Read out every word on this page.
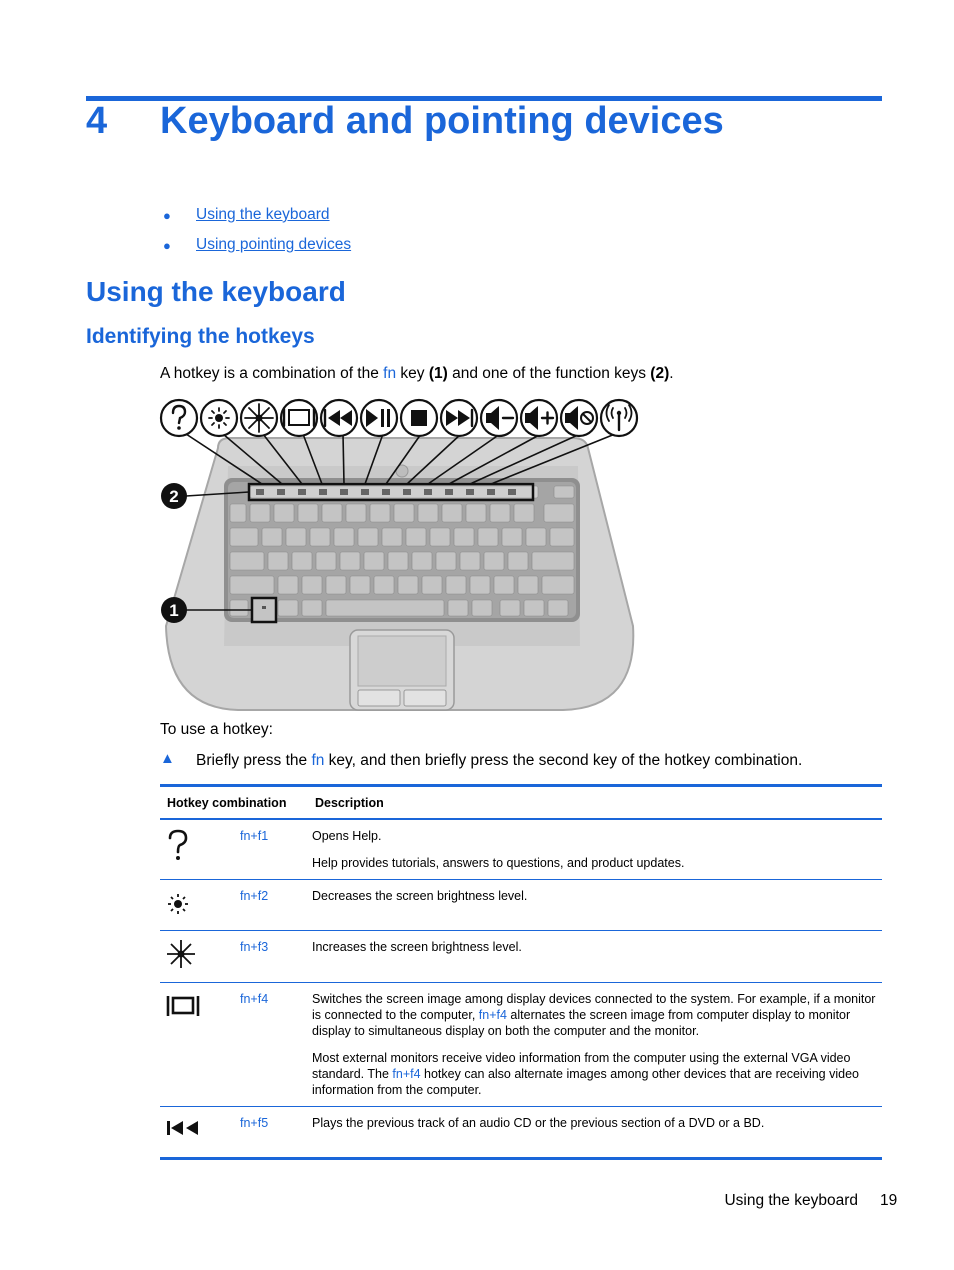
4 Keyboard and pointing devices
● Using the keyboard
● Using pointing devices
Using the keyboard
Identifying the hotkeys
A hotkey is a combination of the fn key (1) and one of the function keys (2).
2
1
To use a hotkey:
▲ Briefly press the fn key, and then briefly press the second key of the hotkey combination.
Hotkey combination		Description
	fn+f1	Opens Help.

Help provides tutorials, answers to questions, and product updates.

	fn+f2	Decreases the screen brightness level.

	fn+f3	Increases the screen brightness level.

	fn+f4	Switches the screen image among display devices connected to the system. For example, if a monitor is connected to the computer, fn+f4 alternates the screen image from computer display to monitor display to simultaneous display on both the computer and the monitor.

Most external monitors receive video information from the computer using the external VGA video standard. The fn+f4 hotkey can also alternate images among other devices that are receiving video information from the computer.

	fn+f5	Plays the previous track of an audio CD or the previous section of a DVD or a BD.

Using the keyboard 19
